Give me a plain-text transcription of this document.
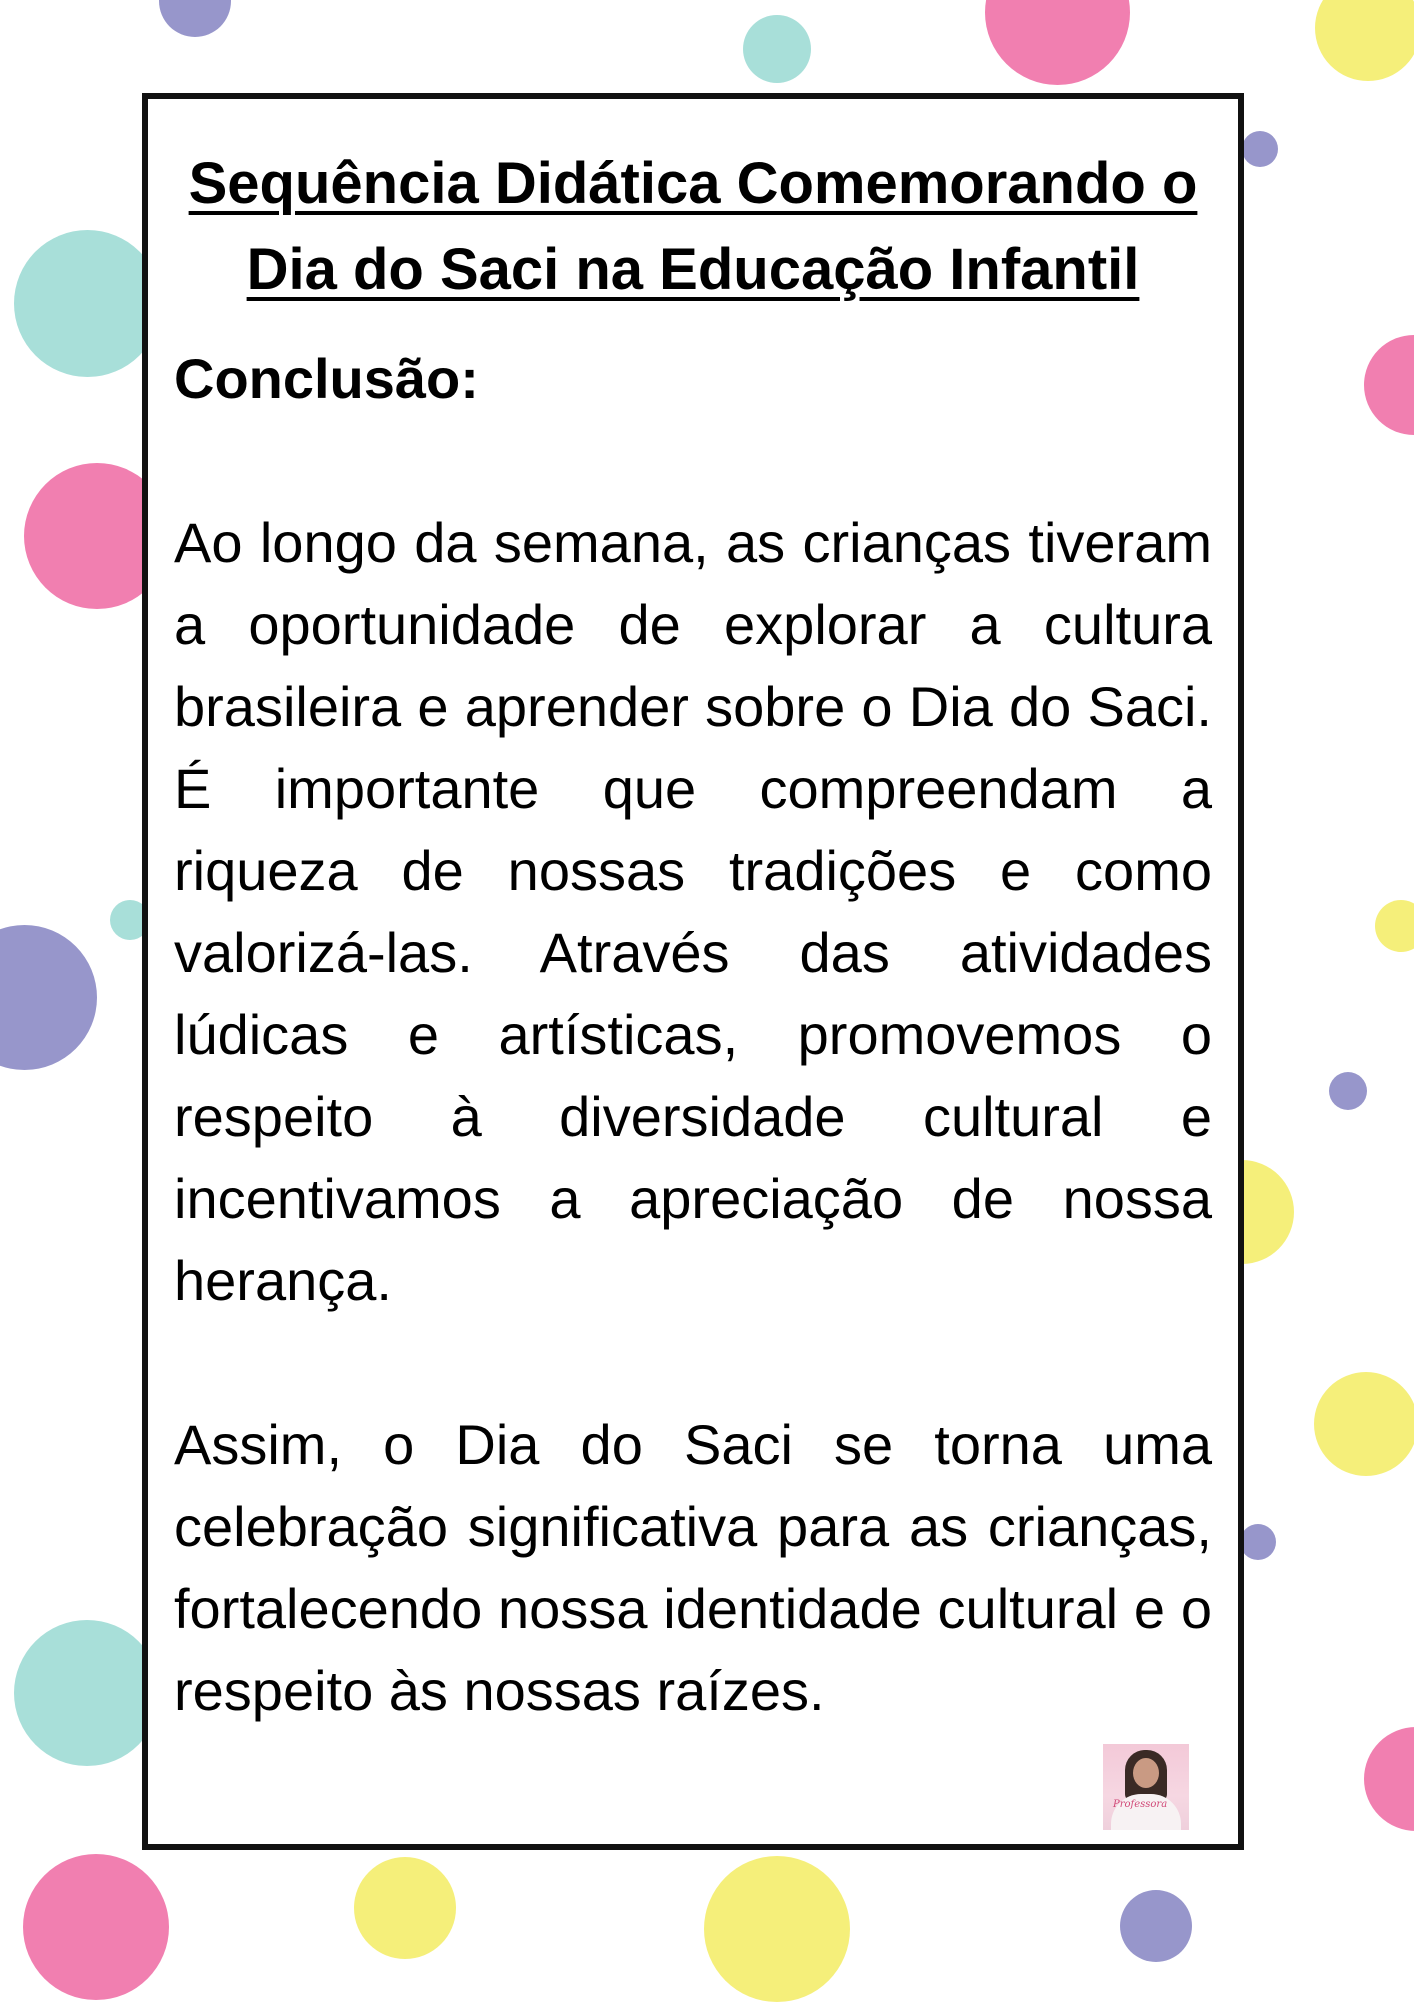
Sequência Didática Comemorando o Dia do Saci na Educação Infantil

Conclusão:

Ao longo da semana, as crianças tiveram a oportunidade de explorar a cultura brasileira e aprender sobre o Dia do Saci. É importante que compreendam a riqueza de nossas tradições e como valorizá-las. Através das atividades lúdicas e artísticas, promovemos o respeito à diversidade cultural e incentivamos a apreciação de nossa herança.

Assim, o Dia do Saci se torna uma celebração significativa para as crianças, fortalecendo nossa identidade cultural e o respeito às nossas raízes.

Professora
